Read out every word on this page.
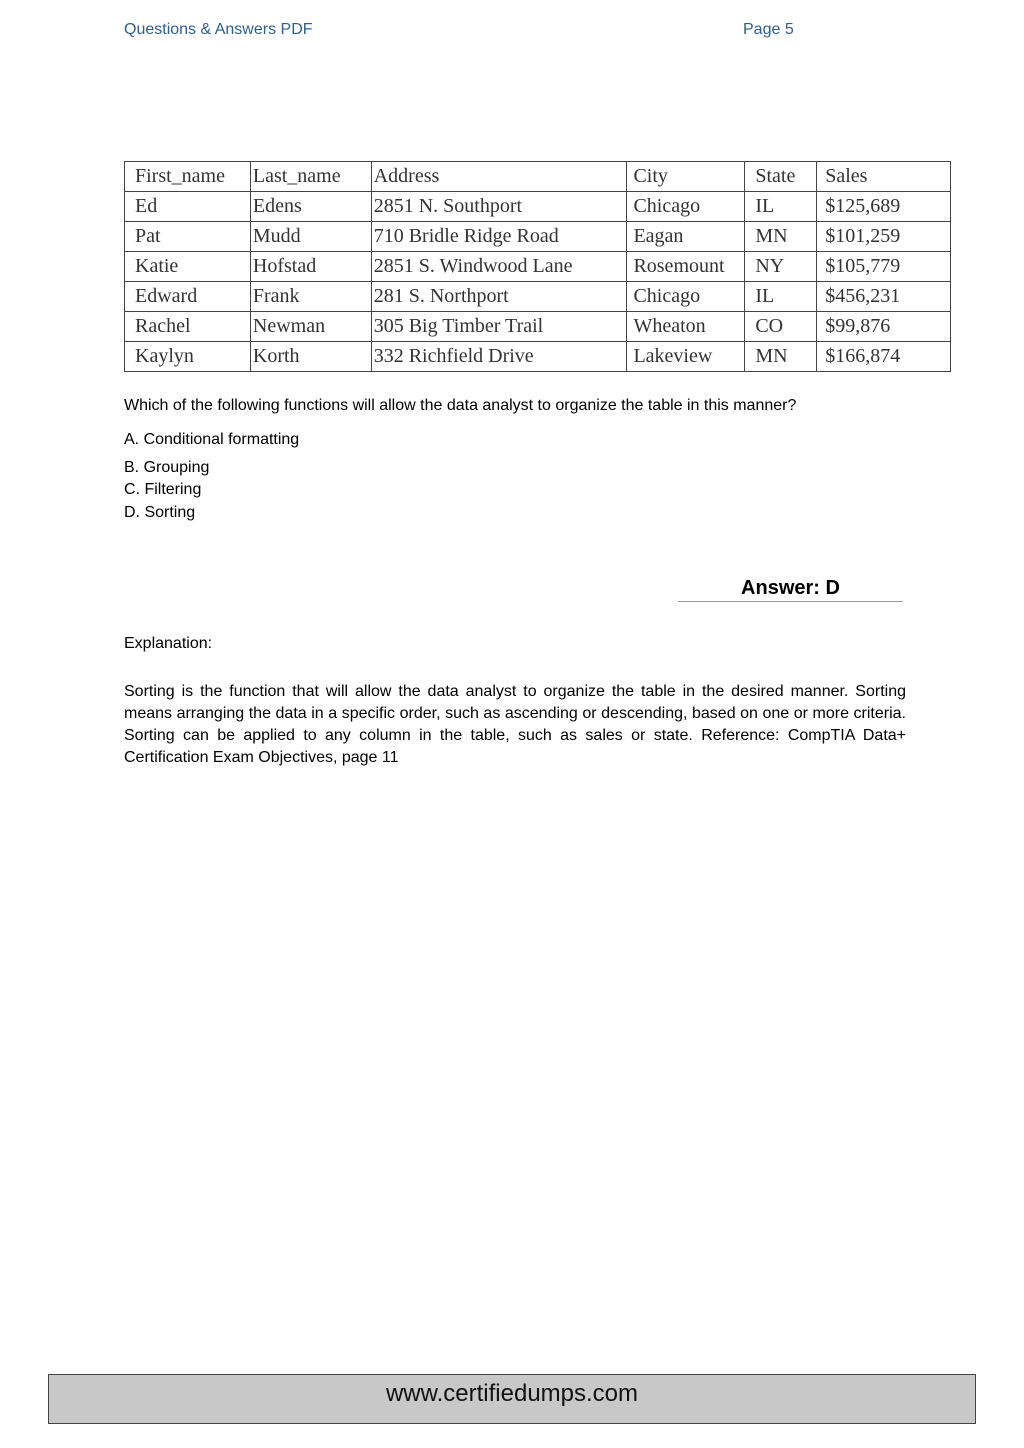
Questions & Answers PDF	Page 5
First_name	Last_name	Address	City	State	Sales
Ed	Edens	2851 N. Southport	Chicago	IL	$125,689
Pat	Mudd	710 Bridle Ridge Road	Eagan	MN	$101,259
Katie	Hofstad	2851 S. Windwood Lane	Rosemount	NY	$105,779
Edward	Frank	281 S. Northport	Chicago	IL	$456,231
Rachel	Newman	305 Big Timber Trail	Wheaton	CO	$99,876
Kaylyn	Korth	332 Richfield Drive	Lakeview	MN	$166,874
Which of the following functions will allow the data analyst to organize the table in this manner?
A. Conditional formatting
B. Grouping
C. Filtering
D. Sorting
Answer: D
Explanation:
Sorting is the function that will allow the data analyst to organize the table in the desired manner. Sorting means arranging the data in a specific order, such as ascending or descending, based on one or more criteria. Sorting can be applied to any column in the table, such as sales or state. Reference: CompTIA Data+ Certification Exam Objectives, page 11
www.certifiedumps.com
